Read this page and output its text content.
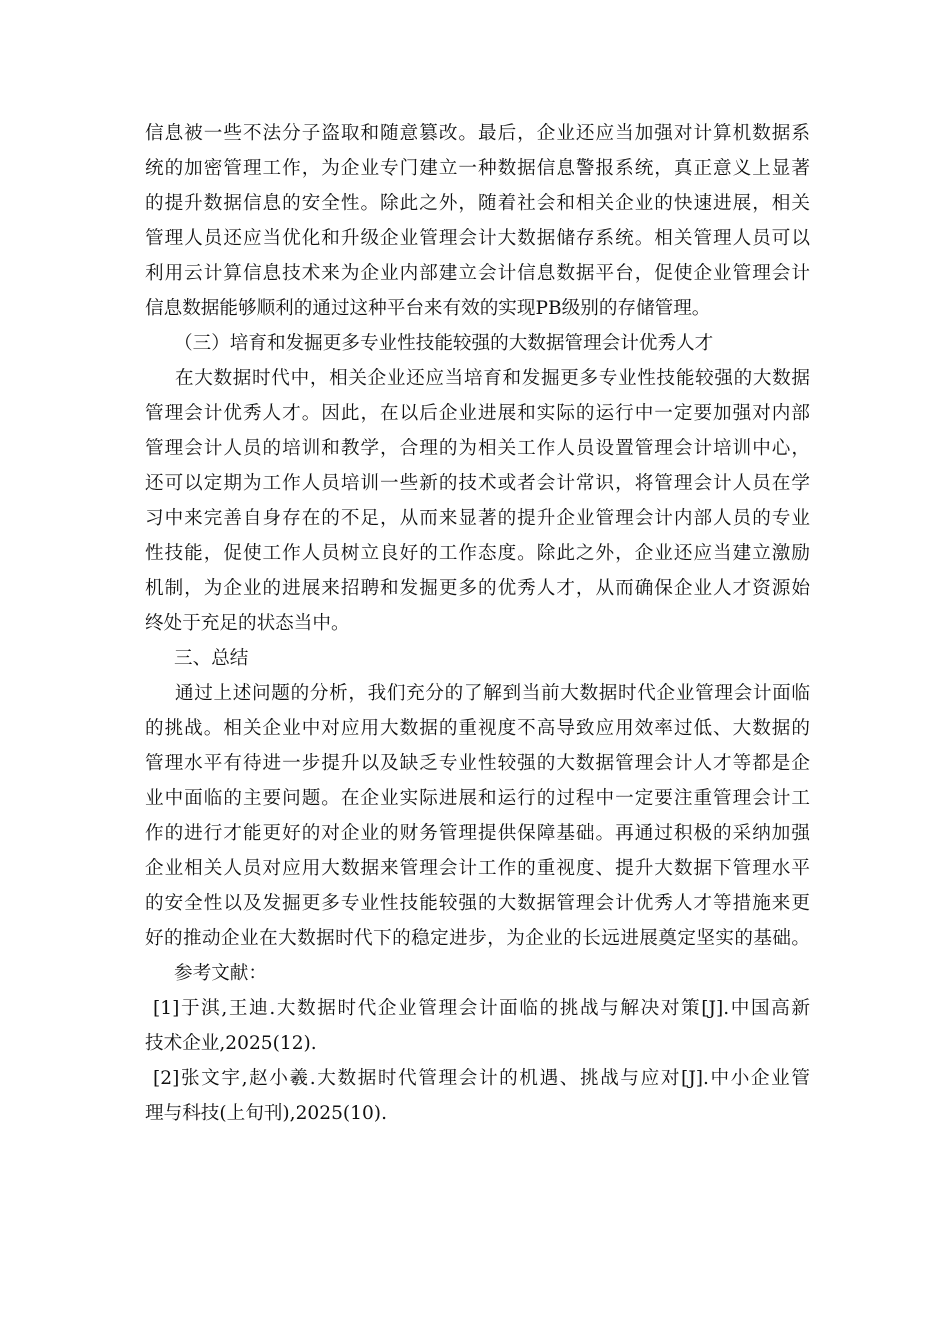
信息被一些不法分子盗取和随意篡改。最后，企业还应当加强对计算机数据系
统的加密管理工作，为企业专门建立一种数据信息警报系统，真正意义上显著
的提升数据信息的安全性。除此之外，随着社会和相关企业的快速进展，相关
管理人员还应当优化和升级企业管理会计大数据储存系统。相关管理人员可以
利用云计算信息技术来为企业内部建立会计信息数据平台，促使企业管理会计
信息数据能够顺利的通过这种平台来有效的实现PB级别的存储管理。
（三）培育和发掘更多专业性技能较强的大数据管理会计优秀人才
在大数据时代中，相关企业还应当培育和发掘更多专业性技能较强的大数据
管理会计优秀人才。因此，在以后企业进展和实际的运行中一定要加强对内部
管理会计人员的培训和教学，合理的为相关工作人员设置管理会计培训中心，
还可以定期为工作人员培训一些新的技术或者会计常识，将管理会计人员在学
习中来完善自身存在的不足，从而来显著的提升企业管理会计内部人员的专业
性技能，促使工作人员树立良好的工作态度。除此之外，企业还应当建立激励
机制，为企业的进展来招聘和发掘更多的优秀人才，从而确保企业人才资源始
终处于充足的状态当中。
三、总结
通过上述问题的分析，我们充分的了解到当前大数据时代企业管理会计面临
的挑战。相关企业中对应用大数据的重视度不高导致应用效率过低、大数据的
管理水平有待进一步提升以及缺乏专业性较强的大数据管理会计人才等都是企
业中面临的主要问题。在企业实际进展和运行的过程中一定要注重管理会计工
作的进行才能更好的对企业的财务管理提供保障基础。再通过积极的采纳加强
企业相关人员对应用大数据来管理会计工作的重视度、提升大数据下管理水平
的安全性以及发掘更多专业性技能较强的大数据管理会计优秀人才等措施来更
好的推动企业在大数据时代下的稳定进步，为企业的长远进展奠定坚实的基础。
参考文献：
[1]于淇,王迪.大数据时代企业管理会计面临的挑战与解决对策[J].中国高新
技术企业,2025(12).
[2]张文宇,赵小羲.大数据时代管理会计的机遇、挑战与应对[J].中小企业管
理与科技(上旬刊),2025(10).
